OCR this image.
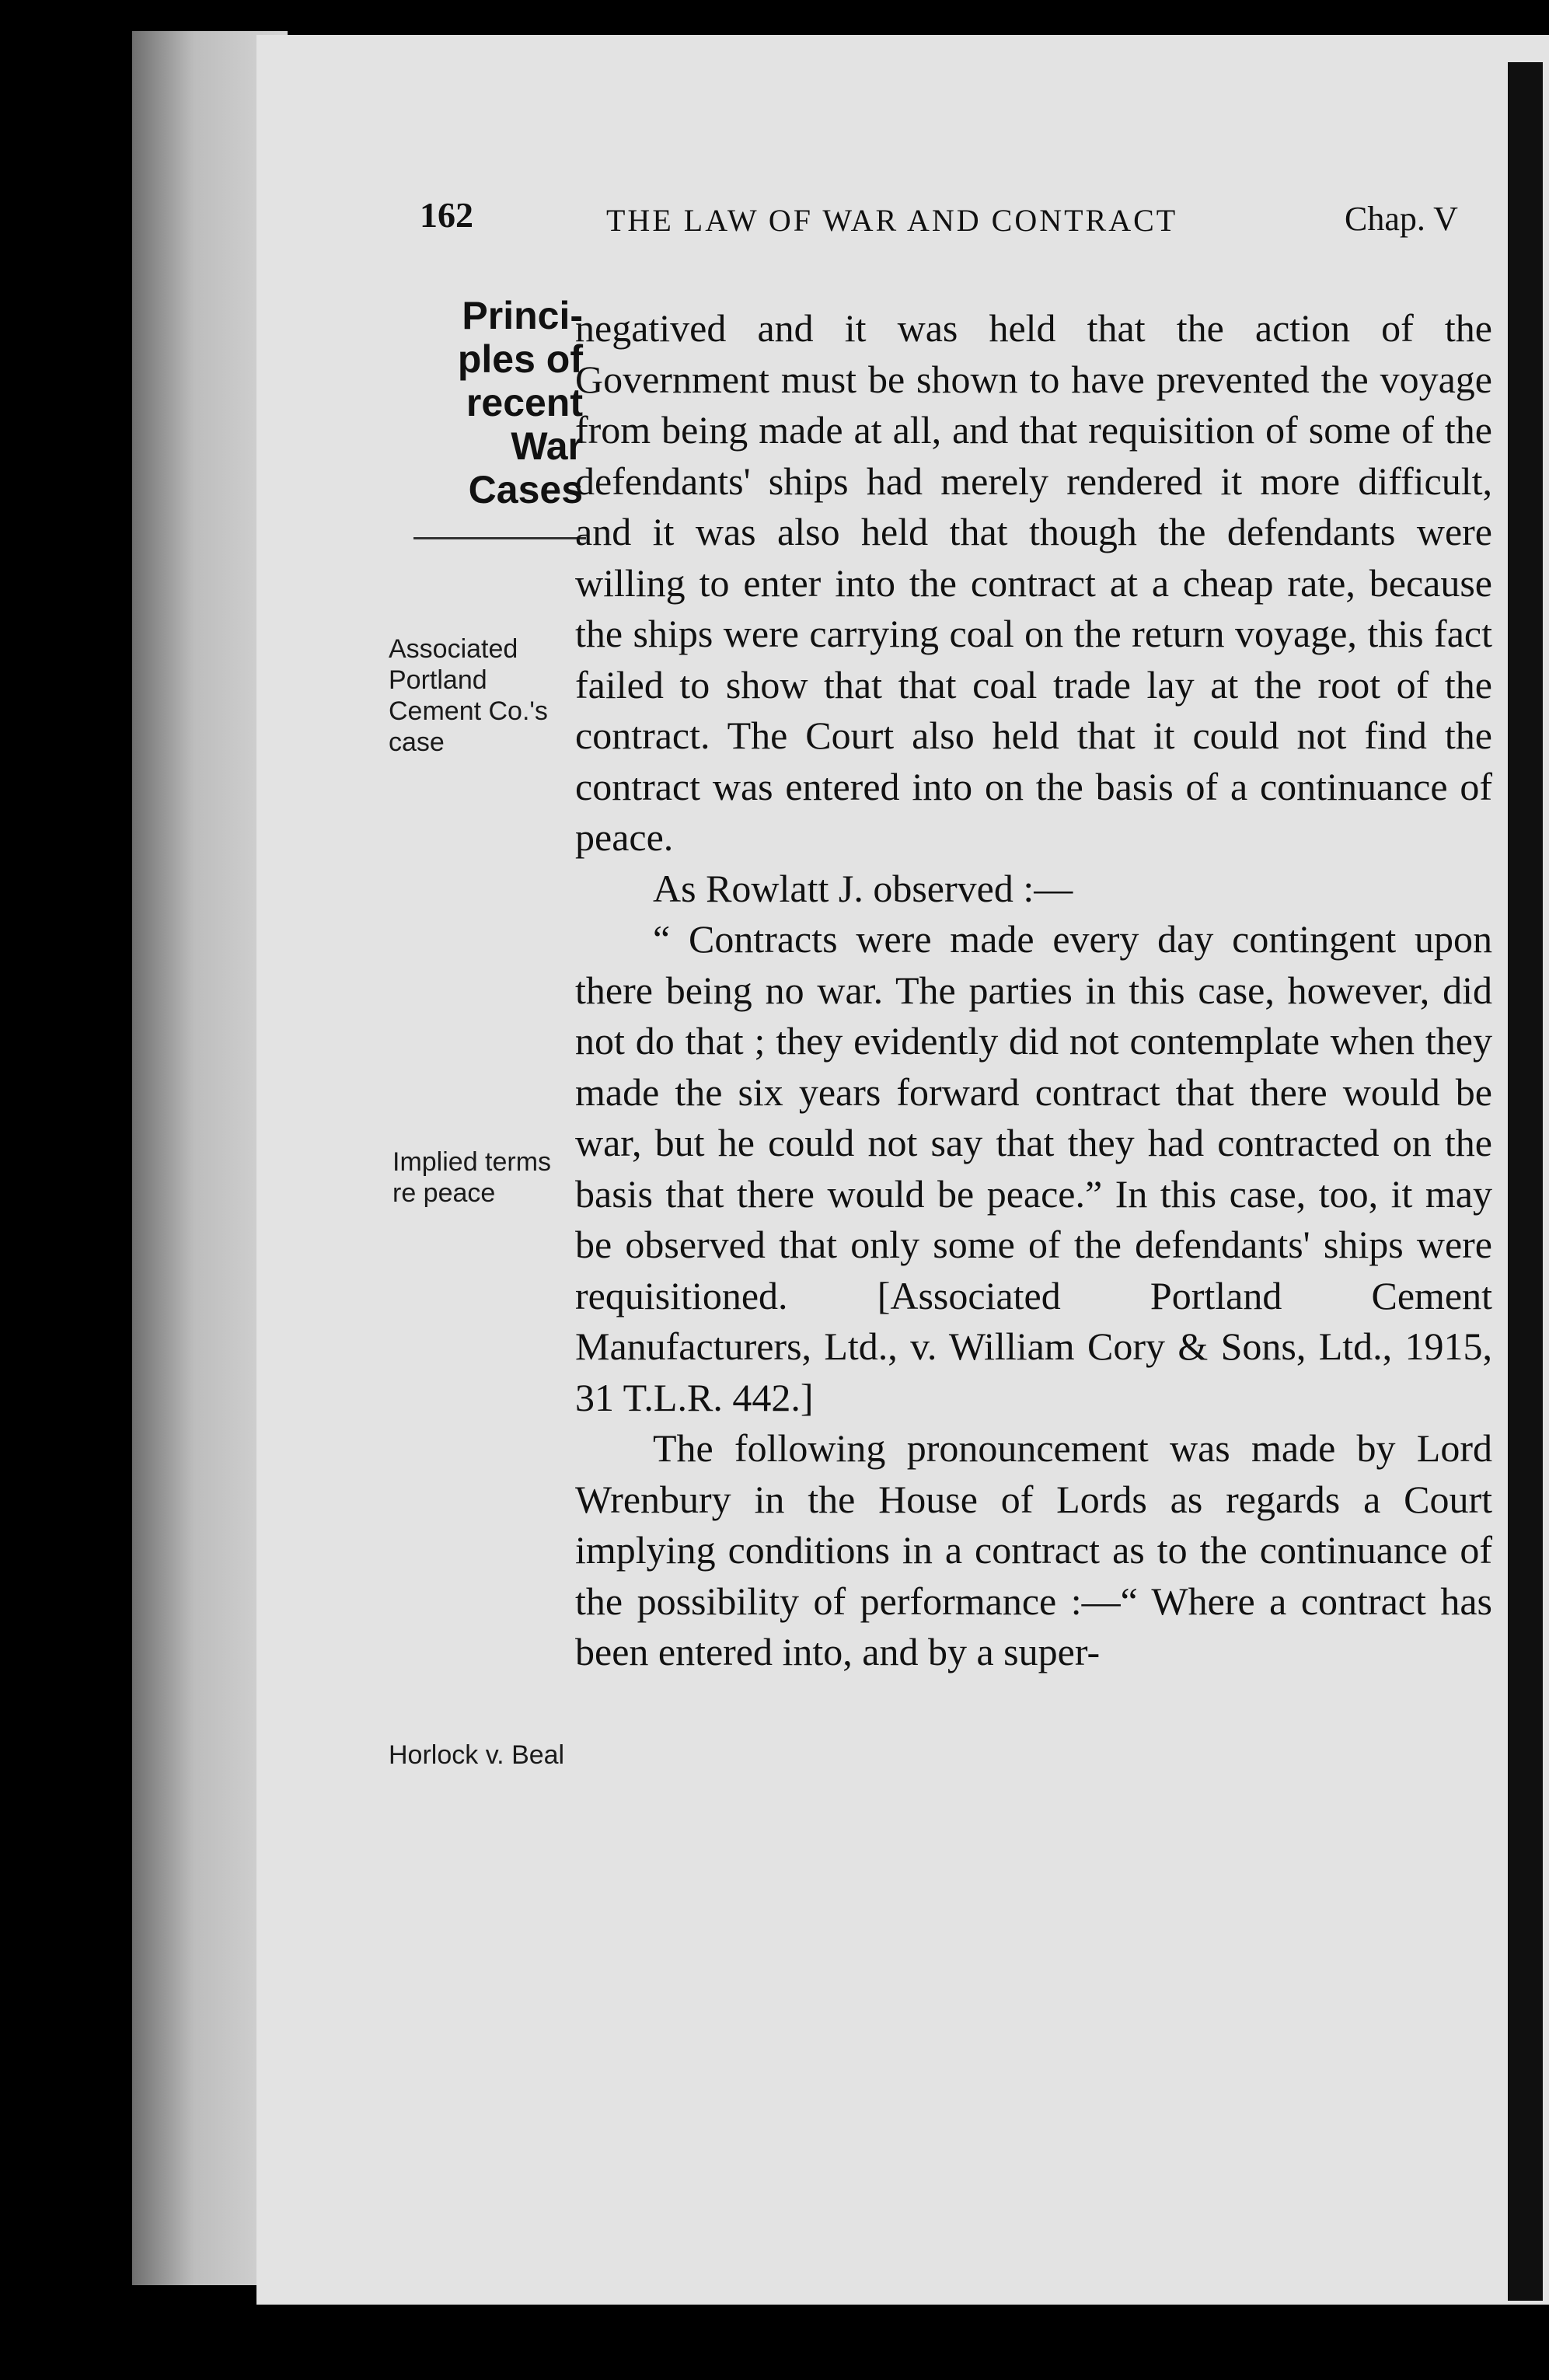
162	THE LAW OF WAR AND CONTRACT	Chap. V
Princi-ples of recent War Cases
Associated Portland Cement Co.'s case
Implied terms re peace
Horlock v. Beal

negatived and it was held that the action of the Government must be shown to have prevented the voyage from being made at all, and that requisition of some of the defendants' ships had merely rendered it more difficult, and it was also held that though the defendants were willing to enter into the contract at a cheap rate, because the ships were carrying coal on the return voyage, this fact failed to show that that coal trade lay at the root of the contract. The Court also held that it could not find the contract was entered into on the basis of a continuance of peace.

As Rowlatt J. observed :—

“ Contracts were made every day contingent upon there being no war. The parties in this case, however, did not do that ; they evidently did not contemplate when they made the six years forward contract that there would be war, but he could not say that they had contracted on the basis that there would be peace.” In this case, too, it may be observed that only some of the defendants' ships were requisitioned. [Associated Portland Cement Manufacturers, Ltd., v. William Cory & Sons, Ltd., 1915, 31 T.L.R. 442.]

The following pronouncement was made by Lord Wrenbury in the House of Lords as regards a Court implying conditions in a contract as to the continuance of the possibility of performance :—“ Where a contract has been entered into, and by a super-
